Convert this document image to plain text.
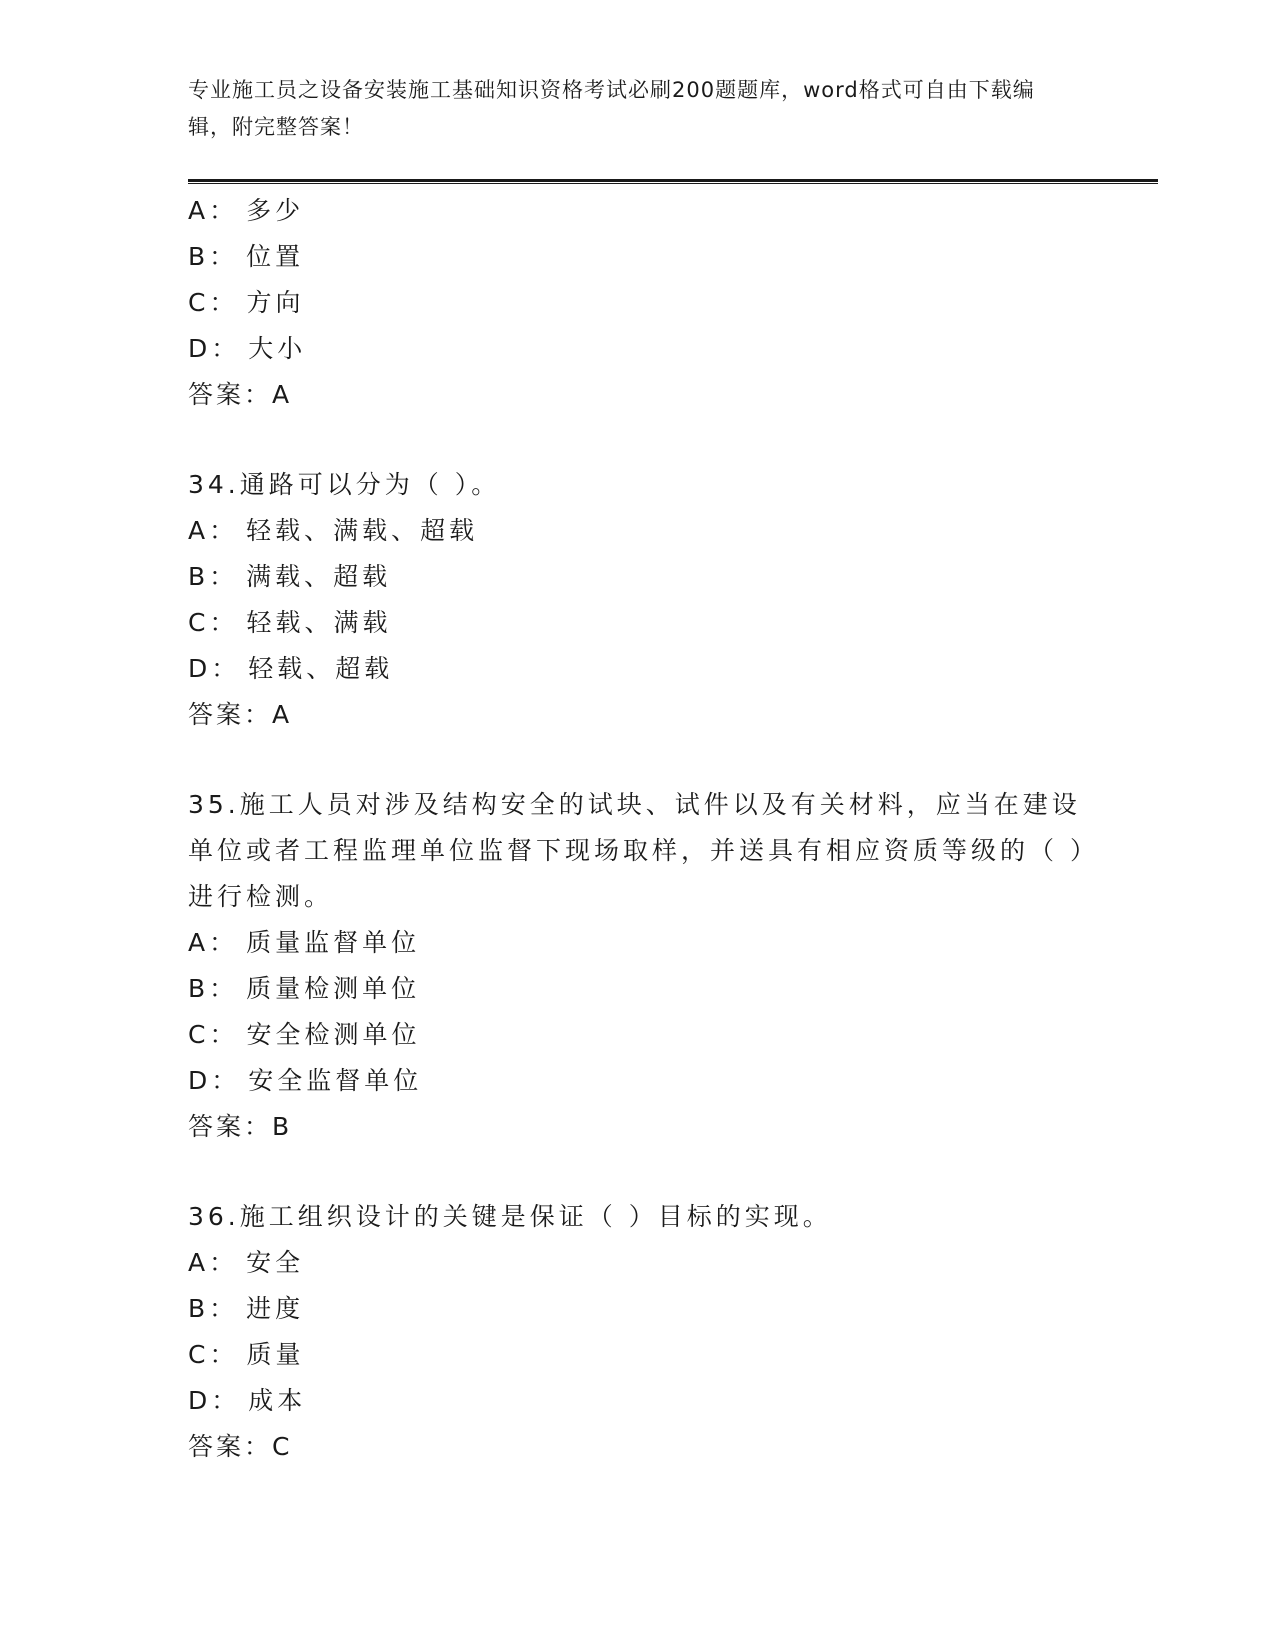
专业施工员之设备安装施工基础知识资格考试必刷200题题库，word格式可自由下载编辑，附完整答案！
A： 多少
B： 位置
C： 方向
D： 大小
答案：A
34.通路可以分为（ ）。
A： 轻载、满载、超载
B： 满载、超载
C： 轻载、满载
D： 轻载、超载
答案：A
35.施工人员对涉及结构安全的试块、试件以及有关材料，应当在建设单位或者工程监理单位监督下现场取样，并送具有相应资质等级的（ ）进行检测。
A： 质量监督单位
B： 质量检测单位
C： 安全检测单位
D： 安全监督单位
答案：B
36.施工组织设计的关键是保证（ ）目标的实现。
A： 安全
B： 进度
C： 质量
D： 成本
答案：C
